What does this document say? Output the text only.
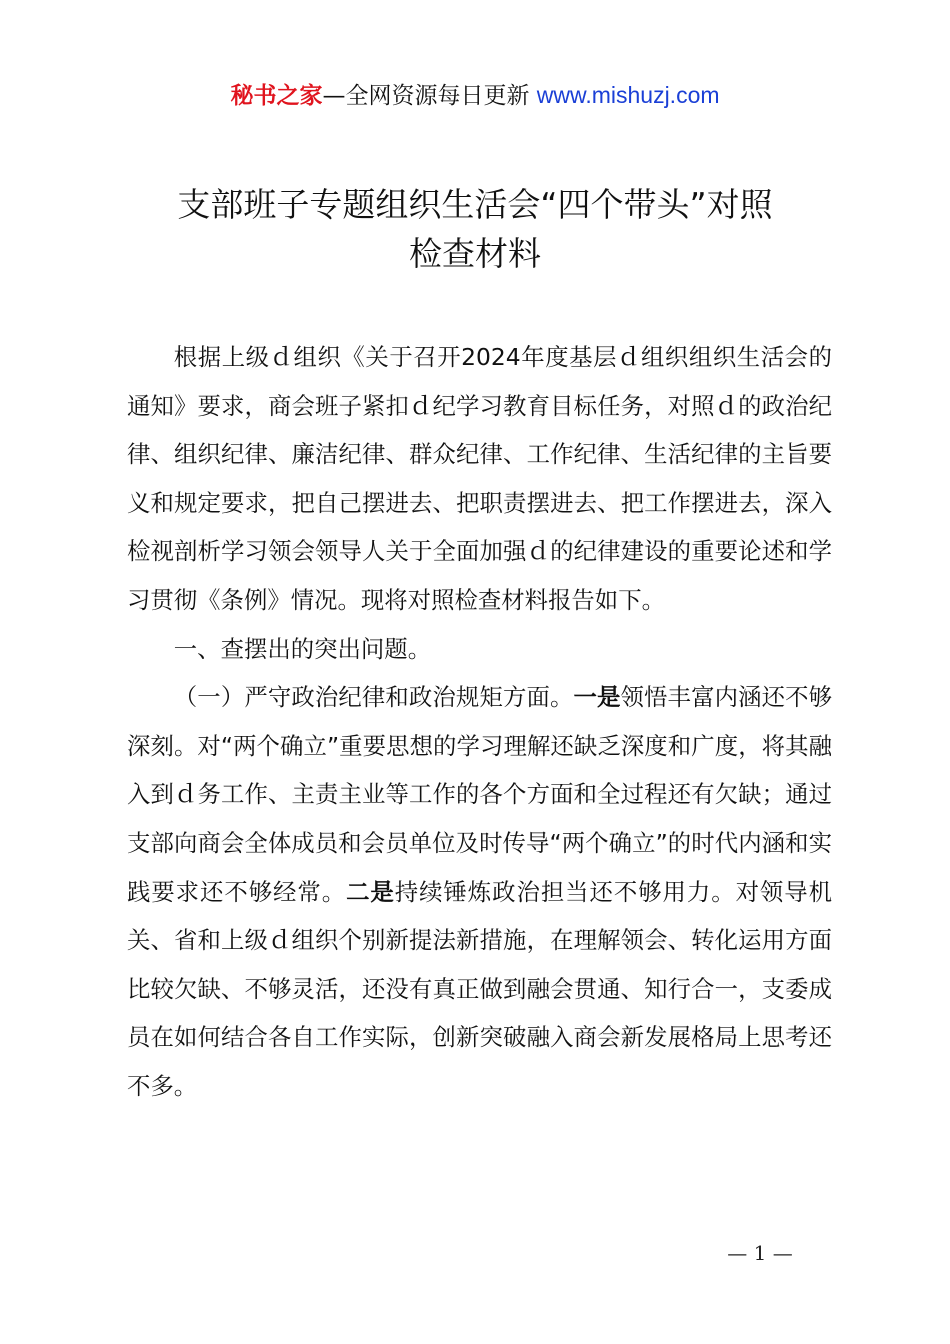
秘书之家—全网资源每日更新 www.mishuzj.com
支部班子专题组织生活会“四个带头”对照
检查材料

根据上级ｄ组织《关于召开2024年度基层ｄ组织组织生活会的通知》要求，商会班子紧扣ｄ纪学习教育目标任务，对照ｄ的政治纪律、组织纪律、廉洁纪律、群众纪律、工作纪律、生活纪律的主旨要义和规定要求，把自己摆进去、把职责摆进去、把工作摆进去，深入检视剖析学习领会领导人关于全面加强ｄ的纪律建设的重要论述和学习贯彻《条例》情况。现将对照检查材料报告如下。

一、查摆出的突出问题。

（一）严守政治纪律和政治规矩方面。一是领悟丰富内涵还不够深刻。对“两个确立”重要思想的学习理解还缺乏深度和广度，将其融入到ｄ务工作、主责主业等工作的各个方面和全过程还有欠缺；通过支部向商会全体成员和会员单位及时传导“两个确立”的时代内涵和实践要求还不够经常。二是持续锤炼政治担当还不够用力。对领导机关、省和上级ｄ组织个别新提法新措施，在理解领会、转化运用方面比较欠缺、不够灵活，还没有真正做到融会贯通、知行合一，支委成员在如何结合各自工作实际，创新突破融入商会新发展格局上思考还不多。

— 1 —
